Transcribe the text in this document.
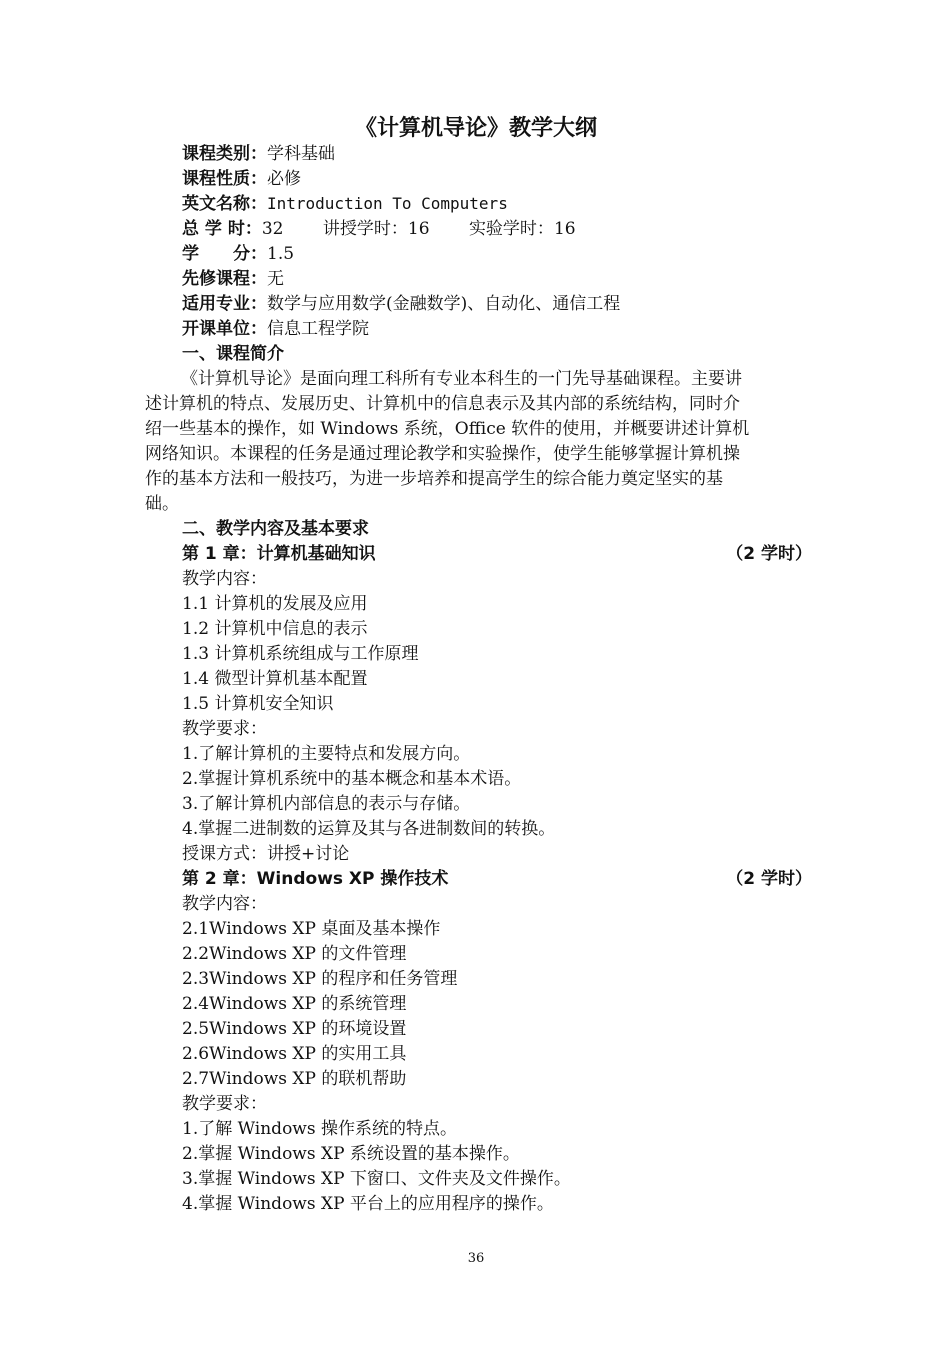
《计算机导论》教学大纲
课程类别：学科基础
课程性质：必修
英文名称：Introduction To Computers
总 学 时：32 讲授学时：16 实验学时：16
学　　分：1.5
先修课程：无
适用专业：数学与应用数学(金融数学)、自动化、通信工程
开课单位：信息工程学院
一、课程简介
《计算机导论》是面向理工科所有专业本科生的一门先导基础课程。主要讲
述计算机的特点、发展历史、计算机中的信息表示及其内部的系统结构，同时介
绍一些基本的操作，如 Windows 系统，Office 软件的使用，并概要讲述计算机
网络知识。本课程的任务是通过理论教学和实验操作，使学生能够掌握计算机操
作的基本方法和一般技巧，为进一步培养和提高学生的综合能力奠定坚实的基
础。
二、教学内容及基本要求
第 1 章：计算机基础知识	（2 学时）
教学内容：
1.1 计算机的发展及应用
1.2 计算机中信息的表示
1.3 计算机系统组成与工作原理
1.4 微型计算机基本配置
1.5 计算机安全知识
教学要求：
1.了解计算机的主要特点和发展方向。
2.掌握计算机系统中的基本概念和基本术语。
3.了解计算机内部信息的表示与存储。
4.掌握二进制数的运算及其与各进制数间的转换。
授课方式：讲授+讨论
第 2 章：Windows XP 操作技术	（2 学时）
教学内容：
2.1Windows XP 桌面及基本操作
2.2Windows XP 的文件管理
2.3Windows XP 的程序和任务管理
2.4Windows XP 的系统管理
2.5Windows XP 的环境设置
2.6Windows XP 的实用工具
2.7Windows XP 的联机帮助
教学要求：
1.了解 Windows 操作系统的特点。
2.掌握 Windows XP 系统设置的基本操作。
3.掌握 Windows XP 下窗口、文件夹及文件操作。
4.掌握 Windows XP 平台上的应用程序的操作。
36
